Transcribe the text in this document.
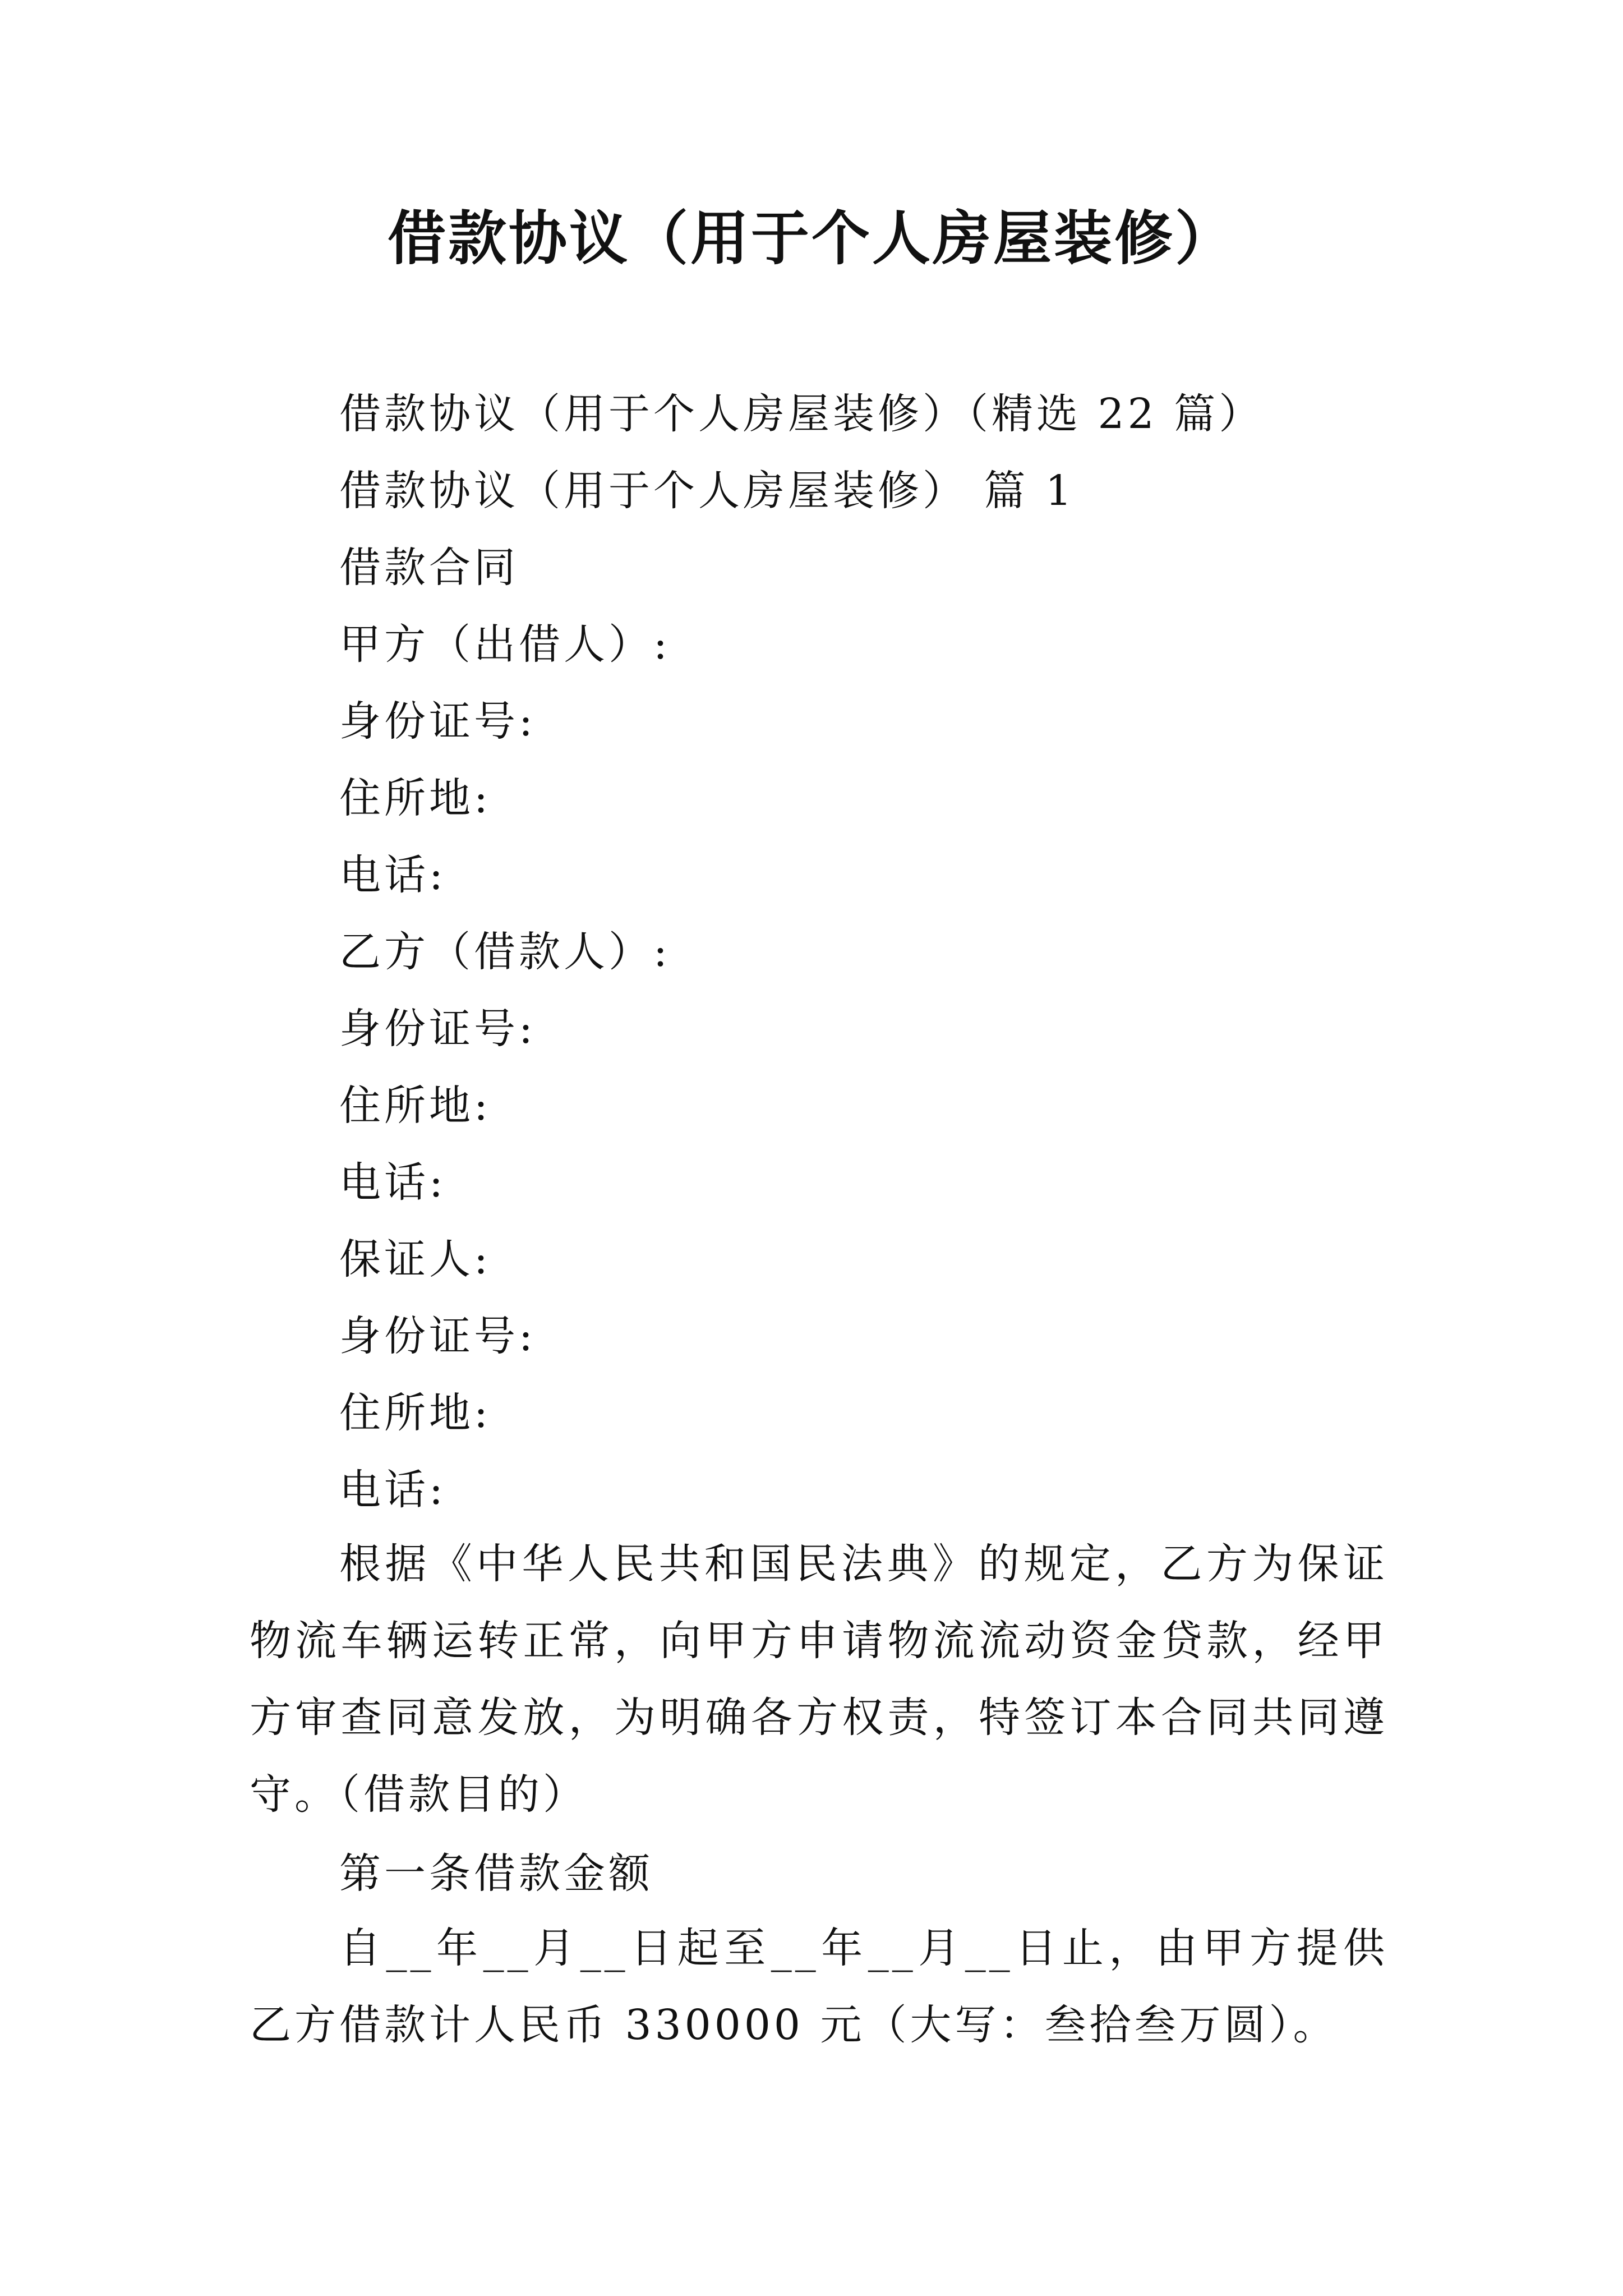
借款协议（用于个人房屋装修）

借款协议（用于个人房屋装修）（精选 22 篇）

借款协议（用于个人房屋装修） 篇 1

借款合同

甲方（出借人）:

身份证号:

住所地:

电话:

乙方（借款人）:

身份证号:

住所地:

电话:

保证人:

身份证号:

住所地:

电话:

根据《中华人民共和国民法典》的规定，乙方为保证物流车辆运转正常，向甲方申请物流流动资金贷款，经甲方审查同意发放，为明确各方权责，特签订本合同共同遵守。（借款目的）

第一条借款金额

自__年__月__日起至__年__月__日止，由甲方提供乙方借款计人民币 330000 元（大写：叁拾叁万圆）。
